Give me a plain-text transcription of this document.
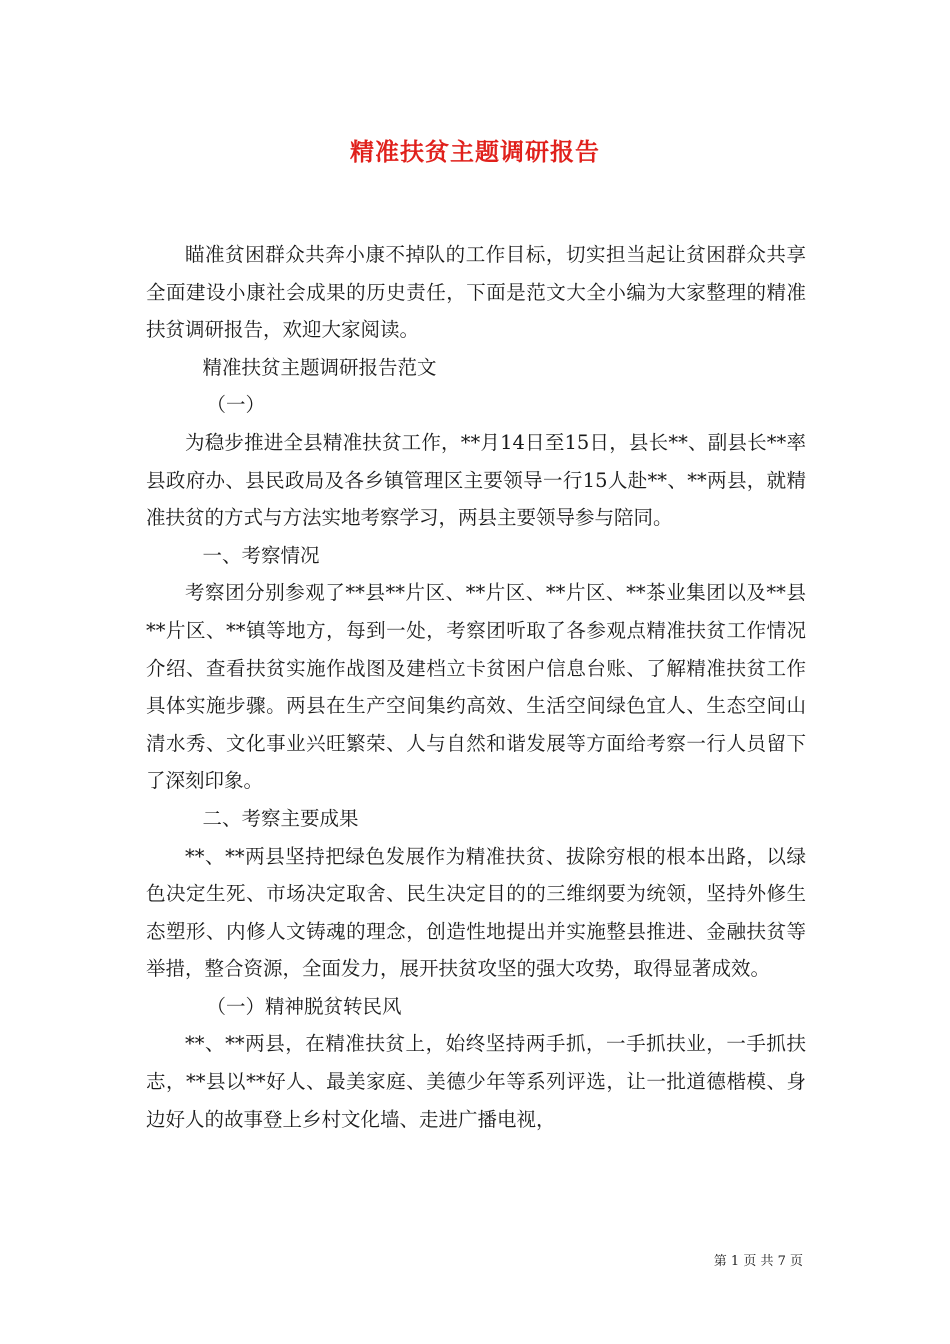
精准扶贫主题调研报告

瞄准贫困群众共奔小康不掉队的工作目标，切实担当起让贫困群众共享全面建设小康社会成果的历史责任，下面是范文大全小编为大家整理的精准扶贫调研报告，欢迎大家阅读。

精准扶贫主题调研报告范文

（一）

为稳步推进全县精准扶贫工作，**月14日至15日，县长**、副县长**率县政府办、县民政局及各乡镇管理区主要领导一行15人赴**、**两县，就精准扶贫的方式与方法实地考察学习，两县主要领导参与陪同。

一、考察情况

考察团分别参观了**县**片区、**片区、**片区、**茶业集团以及**县**片区、**镇等地方，每到一处，考察团听取了各参观点精准扶贫工作情况介绍、查看扶贫实施作战图及建档立卡贫困户信息台账、了解精准扶贫工作具体实施步骤。两县在生产空间集约高效、生活空间绿色宜人、生态空间山清水秀、文化事业兴旺繁荣、人与自然和谐发展等方面给考察一行人员留下了深刻印象。

二、考察主要成果

**、**两县坚持把绿色发展作为精准扶贫、拔除穷根的根本出路，以绿色决定生死、市场决定取舍、民生决定目的的三维纲要为统领，坚持外修生态塑形、内修人文铸魂的理念，创造性地提出并实施整县推进、金融扶贫等举措，整合资源，全面发力，展开扶贫攻坚的强大攻势，取得显著成效。

（一）精神脱贫转民风

**、**两县，在精准扶贫上，始终坚持两手抓，一手抓扶业，一手抓扶志，**县以**好人、最美家庭、美德少年等系列评选，让一批道德楷模、身边好人的故事登上乡村文化墙、走进广播电视，

第 1 页 共 7 页
